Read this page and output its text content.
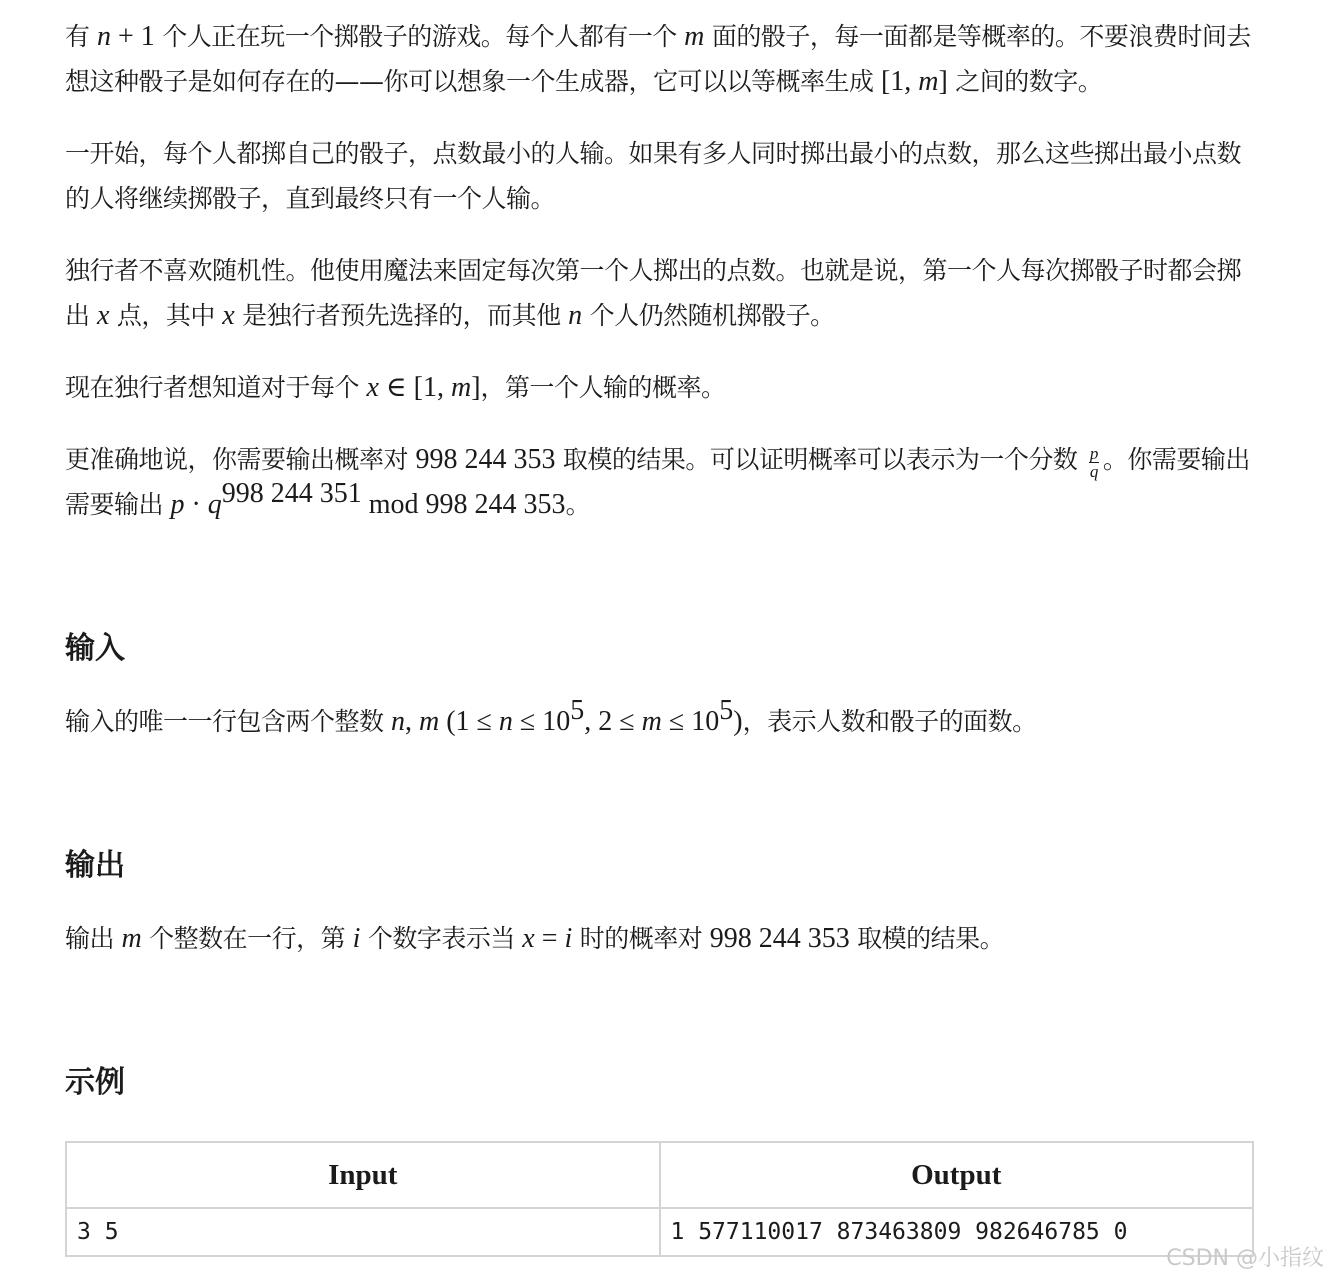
有 n + 1 个人正在玩一个掷骰子的游戏。每个人都有一个 m 面的骰子，每一面都是等概率的。不要浪费时间去想这种骰子是如何存在的——你可以想象一个生成器，它可以以等概率生成 [1, m] 之间的数字。

一开始，每个人都掷自己的骰子，点数最小的人输。如果有多人同时掷出最小的点数，那么这些掷出最小点数的人将继续掷骰子，直到最终只有一个人输。

独行者不喜欢随机性。他使用魔法来固定每次第一个人掷出的点数。也就是说，第一个人每次掷骰子时都会掷出 x 点，其中 x 是独行者预先选择的，而其他 n 个人仍然随机掷骰子。

现在独行者想知道对于每个 x ∈ [1, m]，第一个人输的概率。

更准确地说，你需要输出概率对 998 244 353 取模的结果。可以证明概率可以表示为一个分数 $\frac{p}{q}$ 。你需要输出
需要输出 $p \cdot q^{998 244 351}$ mod 998 244 353。

输入

输入的唯一一行包含两个整数 n, m ($1 \le n \le 10^5$, $2 \le m \le 10^5$)，表示人数和骰子的面数。

输出

输出 m 个整数在一行，第 i 个数字表示当 x = i 时的概率对 998 244 353 取模的结果。

示例
Input	Output
3 5	1 577110017 873463809 982646785 0
CSDN @小指纹
